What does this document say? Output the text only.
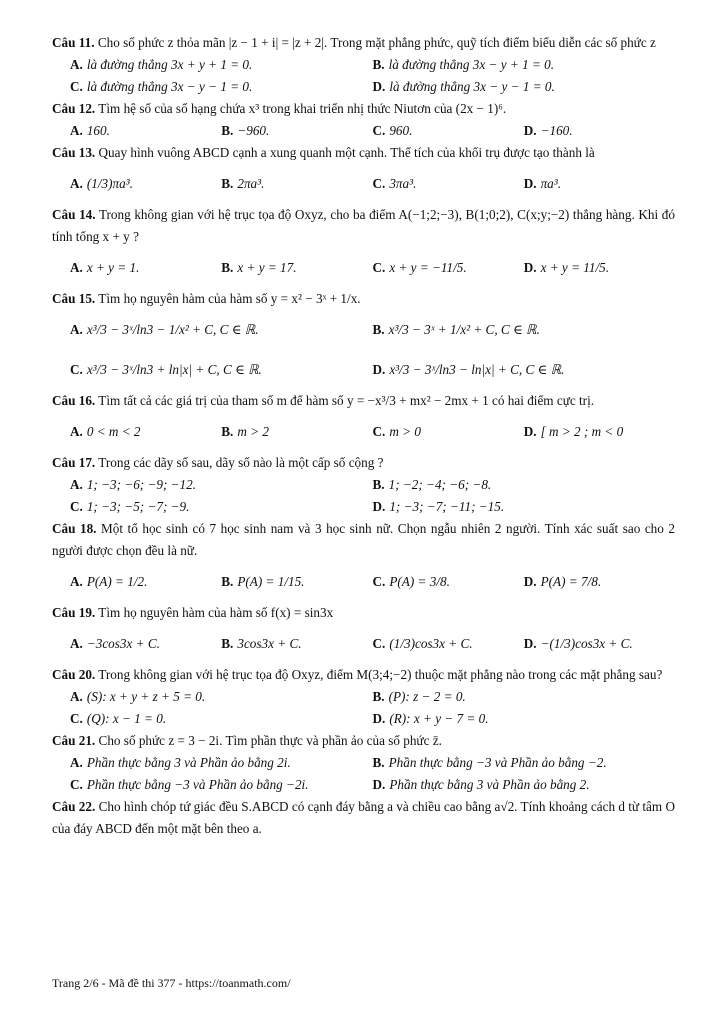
Câu 11. Cho số phức z thỏa mãn |z − 1 + i| = |z + 2|. Trong mặt phẳng phức, quỹ tích điểm biểu diễn các số phức z
A. là đường thẳng 3x + y + 1 = 0.	B. là đường thẳng 3x − y + 1 = 0.
C. là đường thẳng 3x − y − 1 = 0.	D. là đường thẳng 3x − y − 1 = 0.
Câu 12. Tìm hệ số của số hạng chứa x³ trong khai triển nhị thức Niutơn của (2x − 1)⁶.
A. 160.	B. −960.	C. 960.	D. −160.
Câu 13. Quay hình vuông ABCD cạnh a xung quanh một cạnh. Thể tích của khối trụ được tạo thành là
A. (1/3)πa³.	B. 2πa³.	C. 3πa³.	D. πa³.
Câu 14. Trong không gian với hệ trục tọa độ Oxyz, cho ba điểm A(−1;2;−3), B(1;0;2), C(x;y;−2) thẳng hàng. Khi đó tính tổng x + y ?
A. x + y = 1.	B. x + y = 17.	C. x + y = −11/5.	D. x + y = 11/5.
Câu 15. Tìm họ nguyên hàm của hàm số y = x² − 3ˣ + 1/x.
A. x³/3 − 3ˣ/ln3 − 1/x² + C, C ∈ ℝ.	B. x³/3 − 3ˣ + 1/x² + C, C ∈ ℝ.
C. x³/3 − 3ˣ/ln3 + ln|x| + C, C ∈ ℝ.	D. x³/3 − 3ˣ/ln3 − ln|x| + C, C ∈ ℝ.
Câu 16. Tìm tất cả các giá trị của tham số m để hàm số y = −x³/3 + mx² − 2mx + 1 có hai điểm cực trị.
A. 0 < m < 2	B. m > 2	C. m > 0	D. [ m > 2 ; m < 0
Câu 17. Trong các dãy số sau, dãy số nào là một cấp số cộng ?
A. 1; −3; −6; −9; −12.	B. 1; −2; −4; −6; −8.
C. 1; −3; −5; −7; −9.	D. 1; −3; −7; −11; −15.
Câu 18. Một tổ học sinh có 7 học sinh nam và 3 học sinh nữ. Chọn ngẫu nhiên 2 người. Tính xác suất sao cho 2 người được chọn đều là nữ.
A. P(A) = 1/2.	B. P(A) = 1/15.	C. P(A) = 3/8.	D. P(A) = 7/8.
Câu 19. Tìm họ nguyên hàm của hàm số f(x) = sin3x
A. −3cos3x + C.	B. 3cos3x + C.	C. (1/3)cos3x + C.	D. −(1/3)cos3x + C.
Câu 20. Trong không gian với hệ trục tọa độ Oxyz, điểm M(3;4;−2) thuộc mặt phẳng nào trong các mặt phẳng sau?
A. (S): x + y + z + 5 = 0.	B. (P): z − 2 = 0.
C. (Q): x − 1 = 0.	D. (R): x + y − 7 = 0.
Câu 21. Cho số phức z = 3 − 2i. Tìm phần thực và phần ảo của số phức z̄.
A. Phần thực bằng 3 và Phần ảo bằng 2i.	B. Phần thực bằng −3 và Phần ảo bằng −2.
C. Phần thực bằng −3 và Phần ảo bằng −2i.	D. Phần thực bằng 3 và Phần ảo bằng 2.
Câu 22. Cho hình chóp tứ giác đều S.ABCD có cạnh đáy bằng a và chiều cao bằng a√2. Tính khoảng cách d từ tâm O của đáy ABCD đến một mặt bên theo a.
Trang 2/6 - Mã đề thi 377 - https://toanmath.com/
